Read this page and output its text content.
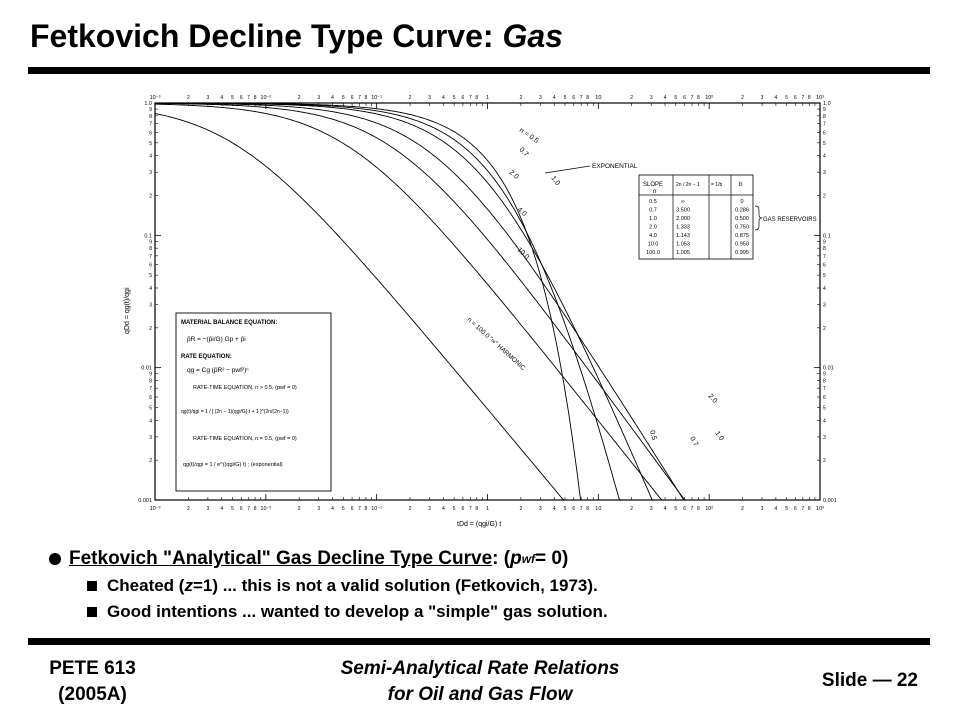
Fetkovich Decline Type Curve: Gas
10⁻³
10⁻³
2
2
3
3
4
4
5
5
6
6
7
7
8
8
10⁻²
10⁻²
2
2
3
3
4
4
5
5
6
6
7
7
8
8
10⁻¹
10⁻¹
2
2
3
3
4
4
5
5
6
6
7
7
8
8
1
1
2
2
3
3
4
4
5
5
6
6
7
7
8
8
10
10
2
2
3
3
4
4
5
5
6
6
7
7
8
8
10²
10²
2
2
3
3
4
4
5
5
6
6
7
7
8
8
10³
10³
0.001	0.001
2	2
3	3
4	4
5	5
6	6
7	7
8	8
9	9
0.01	0.01
2	2
3	3
4	4
5	5
6	6
7	7
8	8
9	9
0.1	0.1
2	2
3	3
4	4
5	5
6	6
7	7
8	8
9	9
1.0	1.0
n = 0.5
0.7
1.0
2.0
4.0
10.0
n = 100.0 "∞" HARMONIC
0.5
0.7 1.0
2.0
EXPONENTIAL
SLOPE
n
2n / 2n − 1 = 1/b	b
0.5	∞	0
0.7	3.500	0.286
1.0	2.000	0.500
2.0	1.333	0.750
4.0	1.143	0.875
10.0	1.053	0.950
100.0	1.005	0.995
GAS RESERVOIRS
MATERIAL BALANCE EQUATION:
p̄R = −(p̄i/G) Gp + p̄i
RATE EQUATION:
qg = Cg (p̄R² − pwf²)ⁿ
RATE-TIME EQUATION, n > 0.5, (pwf = 0)
qg(t)/qgi = 1 / [ (2n − 1)(qgi/G) t + 1 ]^(2n/(2n−1))
RATE-TIME EQUATION, n = 0.5, (pwf = 0)
qg(t)/qgi = 1 / e^((qgi/G) t) ; (exponential)
qDd = qg(t)/qgi
tDd = (qgi/G) t
Fetkovich "Analytical" Gas Decline Type Curve : ( p wf = 0)
Cheated ( z =1) ... this is not a valid solution (Fetkovich, 1973).
Good intentions ... wanted to develop a "simple" gas solution.
PETE 613
(2005A)
Semi-Analytical Rate Relations
for Oil and Gas Flow
Slide — 22
